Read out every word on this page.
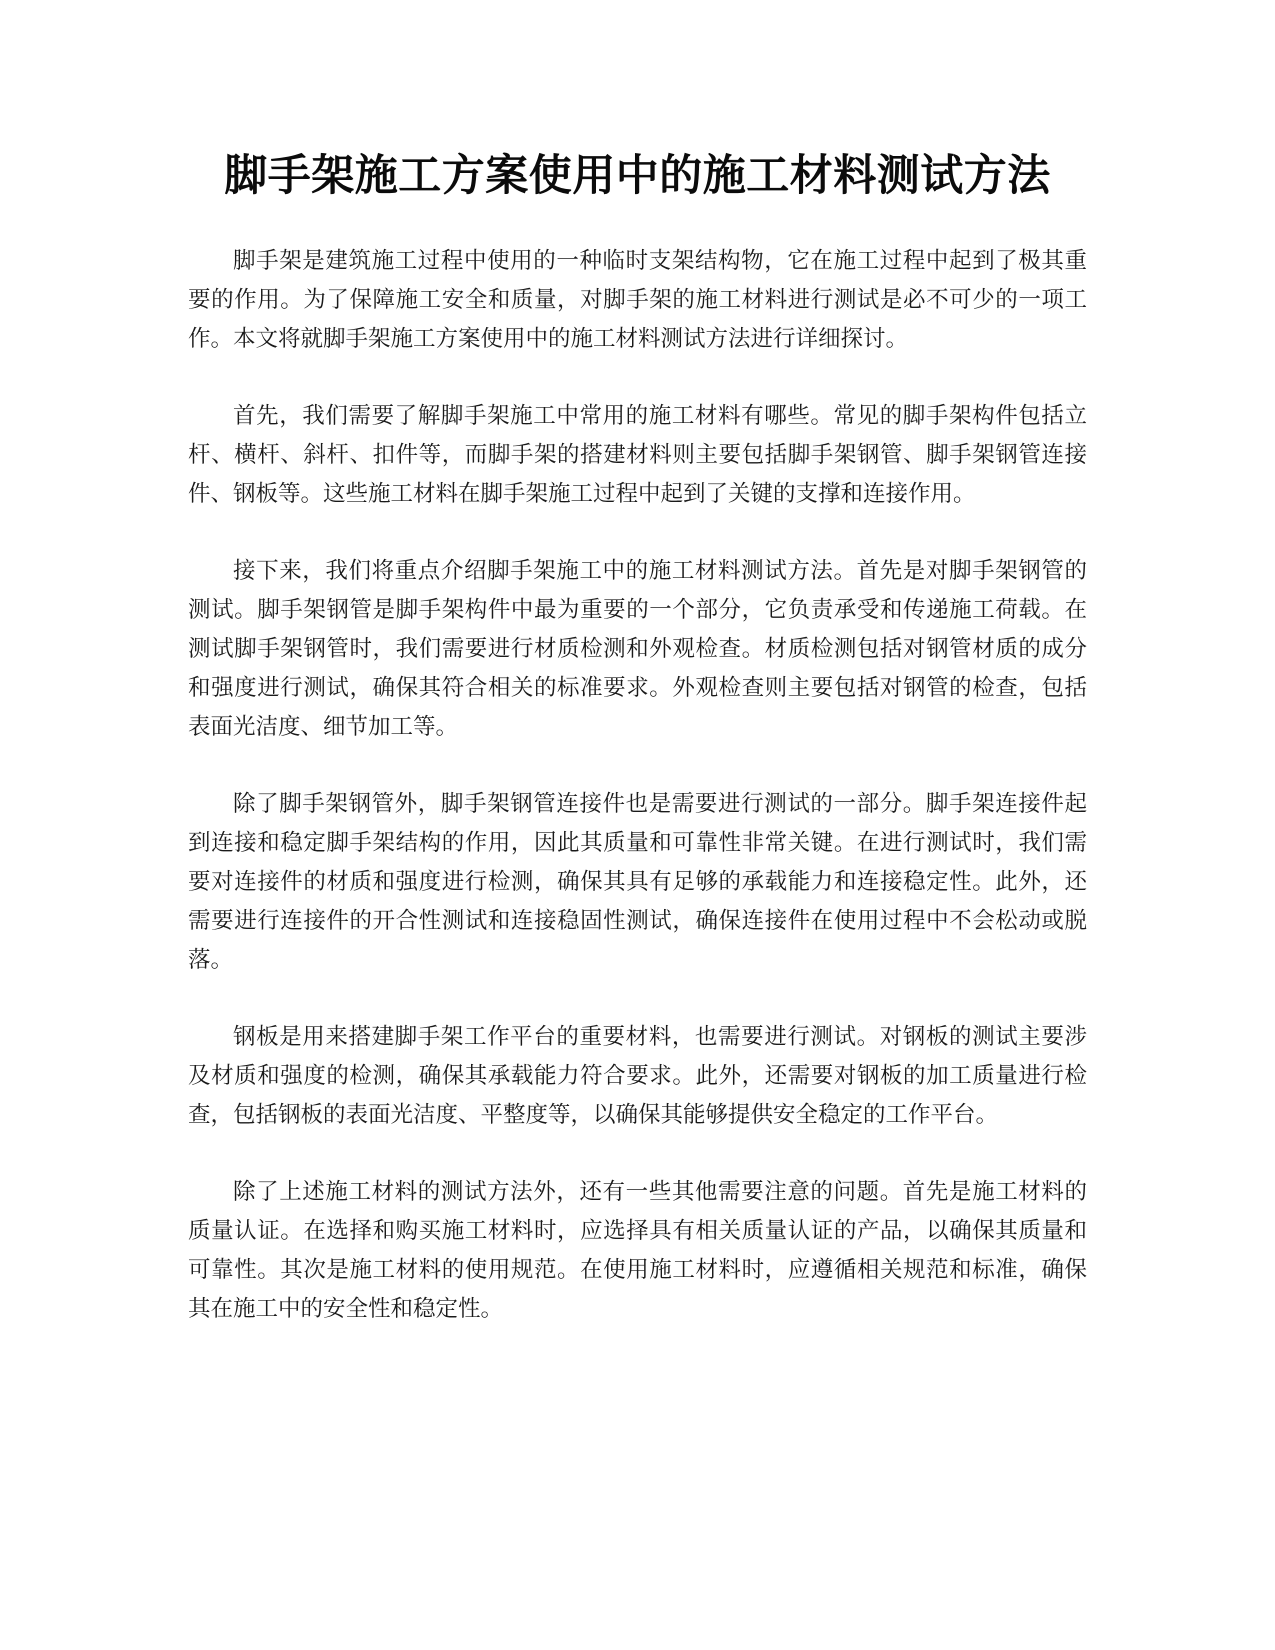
脚手架施工方案使用中的施工材料测试方法

脚手架是建筑施工过程中使用的一种临时支架结构物，它在施工过程中起到了极其重要的作用。为了保障施工安全和质量，对脚手架的施工材料进行测试是必不可少的一项工作。本文将就脚手架施工方案使用中的施工材料测试方法进行详细探讨。

首先，我们需要了解脚手架施工中常用的施工材料有哪些。常见的脚手架构件包括立杆、横杆、斜杆、扣件等，而脚手架的搭建材料则主要包括脚手架钢管、脚手架钢管连接件、钢板等。这些施工材料在脚手架施工过程中起到了关键的支撑和连接作用。

接下来，我们将重点介绍脚手架施工中的施工材料测试方法。首先是对脚手架钢管的测试。脚手架钢管是脚手架构件中最为重要的一个部分，它负责承受和传递施工荷载。在测试脚手架钢管时，我们需要进行材质检测和外观检查。材质检测包括对钢管材质的成分和强度进行测试，确保其符合相关的标准要求。外观检查则主要包括对钢管的检查，包括表面光洁度、细节加工等。

除了脚手架钢管外，脚手架钢管连接件也是需要进行测试的一部分。脚手架连接件起到连接和稳定脚手架结构的作用，因此其质量和可靠性非常关键。在进行测试时，我们需要对连接件的材质和强度进行检测，确保其具有足够的承载能力和连接稳定性。此外，还需要进行连接件的开合性测试和连接稳固性测试，确保连接件在使用过程中不会松动或脱落。

钢板是用来搭建脚手架工作平台的重要材料，也需要进行测试。对钢板的测试主要涉及材质和强度的检测，确保其承载能力符合要求。此外，还需要对钢板的加工质量进行检查，包括钢板的表面光洁度、平整度等，以确保其能够提供安全稳定的工作平台。

除了上述施工材料的测试方法外，还有一些其他需要注意的问题。首先是施工材料的质量认证。在选择和购买施工材料时，应选择具有相关质量认证的产品，以确保其质量和可靠性。其次是施工材料的使用规范。在使用施工材料时，应遵循相关规范和标准，确保其在施工中的安全性和稳定性。
